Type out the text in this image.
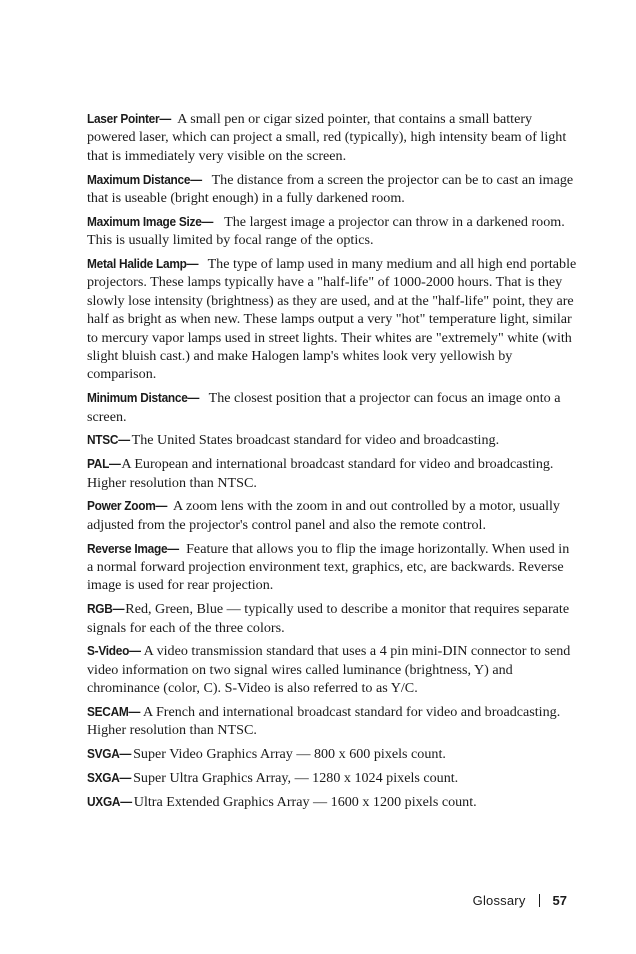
Laser Pointer— A small pen or cigar sized pointer, that contains a small battery powered laser, which can project a small, red (typically), high intensity beam of light that is immediately very visible on the screen.

Maximum Distance— The distance from a screen the projector can be to cast an image that is useable (bright enough) in a fully darkened room.

Maximum Image Size— The largest image a projector can throw in a darkened room. This is usually limited by focal range of the optics.

Metal Halide Lamp— The type of lamp used in many medium and all high end portable projectors. These lamps typically have a "half-life" of 1000-2000 hours. That is they slowly lose intensity (brightness) as they are used, and at the "half-life" point, they are half as bright as when new. These lamps output a very "hot" temperature light, similar to mercury vapor lamps used in street lights. Their whites are "extremely" white (with slight bluish cast.) and make Halogen lamp's whites look very yellowish by comparison.

Minimum Distance— The closest position that a projector can focus an image onto a screen.

NTSC— The United States broadcast standard for video and broadcasting.

PAL—A European and international broadcast standard for video and broadcasting. Higher resolution than NTSC.

Power Zoom— A zoom lens with the zoom in and out controlled by a motor, usually adjusted from the projector's control panel and also the remote control.

Reverse Image— Feature that allows you to flip the image horizontally. When used in a normal forward projection environment text, graphics, etc, are backwards. Reverse image is used for rear projection.

RGB—Red, Green, Blue — typically used to describe a monitor that requires separate signals for each of the three colors.

S-Video— A video transmission standard that uses a 4 pin mini-DIN connector to send video information on two signal wires called luminance (brightness, Y) and chrominance (color, C). S-Video is also referred to as Y/C.

SECAM— A French and international broadcast standard for video and broadcasting. Higher resolution than NTSC.

SVGA— Super Video Graphics Array — 800 x 600 pixels count.

SXGA— Super Ultra Graphics Array, — 1280 x 1024 pixels count.

UXGA— Ultra Extended Graphics Array — 1600 x 1200 pixels count.

Glossary 57
